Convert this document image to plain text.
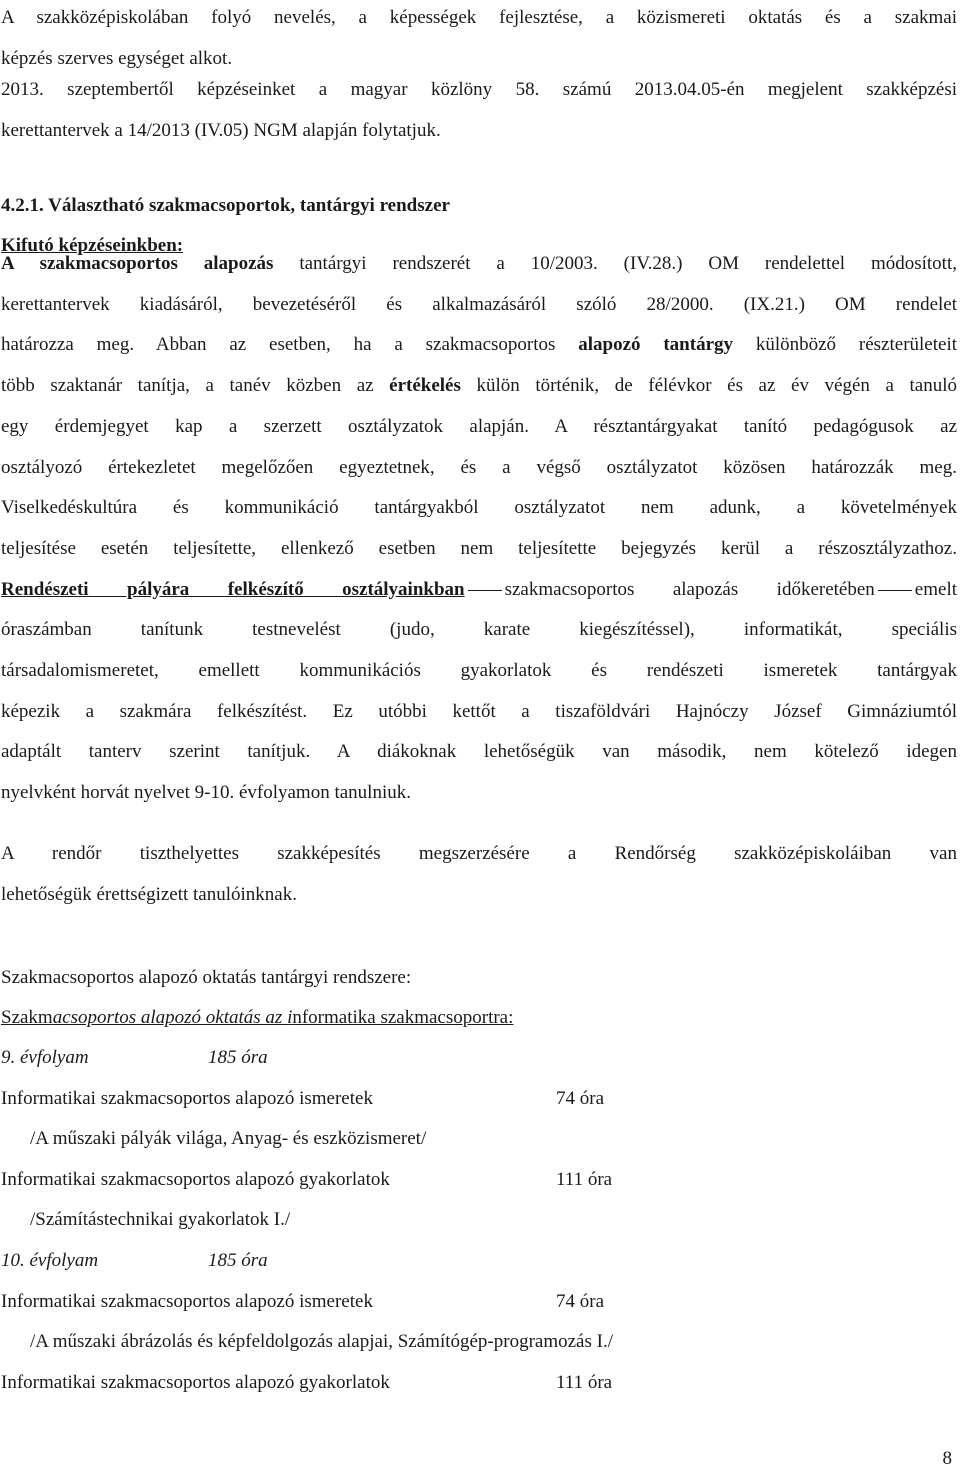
A szakközépiskolában folyó nevelés, a képességek fejlesztése, a közismereti oktatás és a szakmai
képzés szerves egységet alkot.
2013. szeptembertől képzéseinket a magyar közlöny 58. számú 2013.04.05-én megjelent szakképzési
kerettantervek a 14/2013 (IV.05) NGM alapján folytatjuk.
4.2.1. Választható szakmacsoportok, tantárgyi rendszer
Kifutó képzéseinkben:
A szakmacsoportos alapozás tantárgyi rendszerét a 10/2003. (IV.28.) OM rendelettel módosított,
kerettantervek kiadásáról, bevezetéséről és alkalmazásáról szóló 28/2000. (IX.21.) OM rendelet
határozza meg. Abban az esetben, ha a szakmacsoportos alapozó tantárgy különböző részterületeit
több szaktanár tanítja, a tanév közben az értékelés külön történik, de félévkor és az év végén a tanuló
egy érdemjegyet kap a szerzett osztályzatok alapján. A résztantárgyakat tanító pedagógusok az
osztályozó értekezletet megelőzően egyeztetnek, és a végső osztályzatot közösen határozzák meg.
Viselkedéskultúra és kommunikáció tantárgyakból osztályzatot nem adunk, a követelmények
teljesítése esetén teljesítette, ellenkező esetben nem teljesítette bejegyzés kerül a részosztályzathoz.
Rendészeti pályára felkészítő osztályainkban szakmacsoportos alapozás időkeretében emelt
óraszámban tanítunk testnevelést (judo, karate kiegészítéssel), informatikát, speciális
társadalomismeretet, emellett kommunikációs gyakorlatok és rendészeti ismeretek tantárgyak
képezik a szakmára felkészítést. Ez utóbbi kettőt a tiszaföldvári Hajnóczy József Gimnáziumtól
adaptált tanterv szerint tanítjuk. A diákoknak lehetőségük van második, nem kötelező idegen
nyelvként horvát nyelvet 9-10. évfolyamon tanulniuk.
A rendőr tiszthelyettes szakképesítés megszerzésére a Rendőrség szakközépiskoláiban van
lehetőségük érettségizett tanulóinknak.
Szakmacsoportos alapozó oktatás tantárgyi rendszere:
Szakmacsoportos alapozó oktatás az informatika szakmacsoportra:
9. évfolyam	185 óra
Informatikai szakmacsoportos alapozó ismeretek	74 óra
/A műszaki pályák világa, Anyag- és eszközismeret/
Informatikai szakmacsoportos alapozó gyakorlatok	111 óra
/Számítástechnikai gyakorlatok I./
10. évfolyam	185 óra
Informatikai szakmacsoportos alapozó ismeretek	74 óra
/A műszaki ábrázolás és képfeldolgozás alapjai, Számítógép-programozás I./
Informatikai szakmacsoportos alapozó gyakorlatok	111 óra
8
